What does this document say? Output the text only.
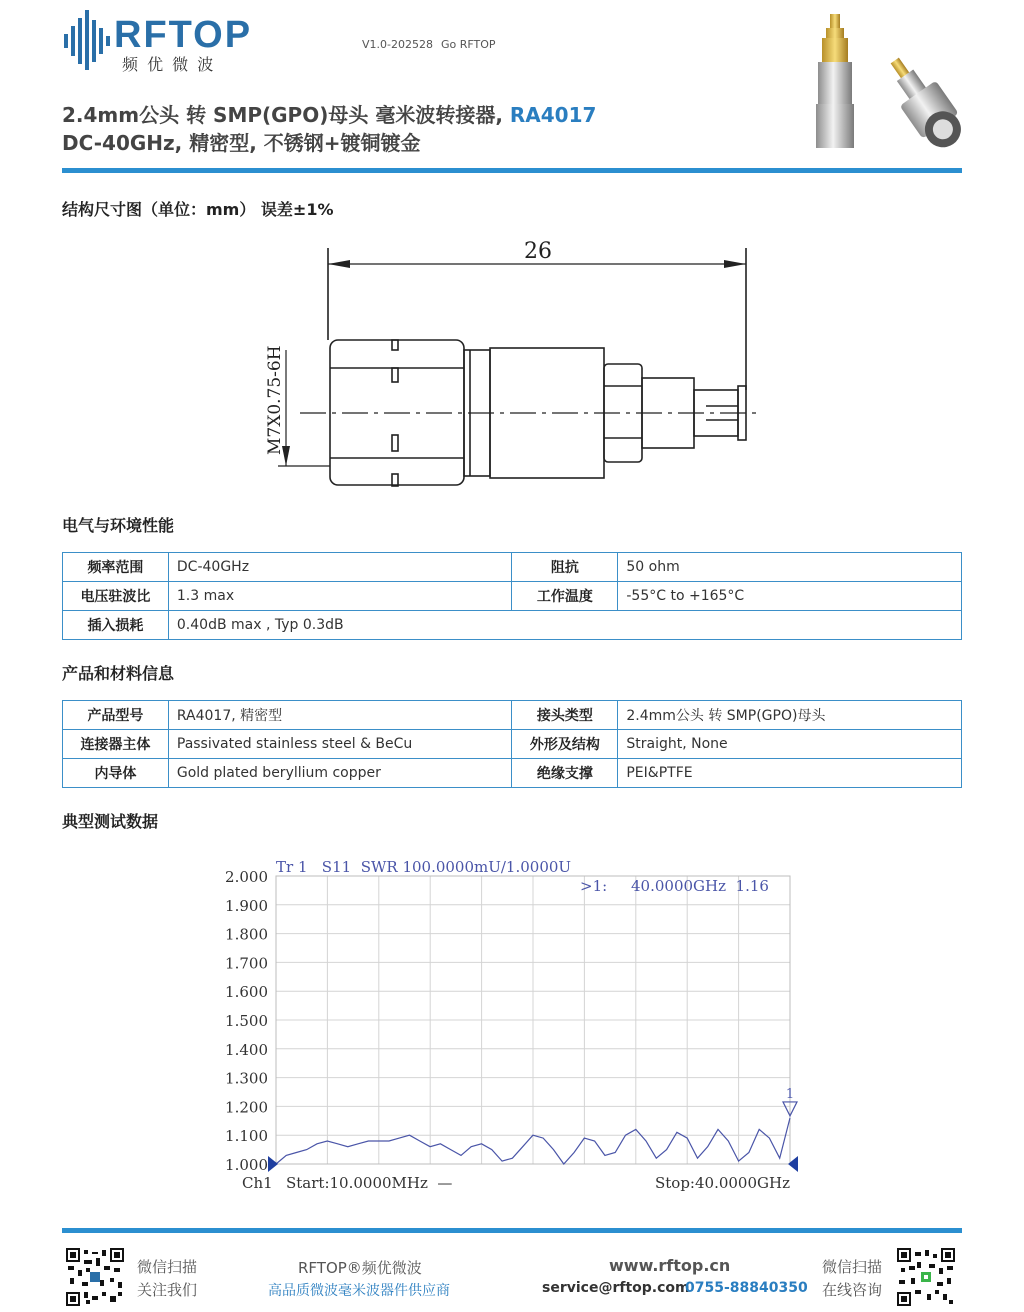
RFTOP
频 优 微 波
V1.0-202528 Go RFTOP
2.4mm公头 转 SMP(GPO)母头 毫米波转接器, RA4017
DC-40GHz, 精密型, 不锈钢+镀铜镀金
结构尺寸图（单位：mm） 误差±1%
26
M7X0.75-6H
电气与环境性能
频率范围	DC-40GHz	阻抗	50 ohm
电压驻波比	1.3 max	工作温度	-55°C to +165°C
插入损耗	0.40dB max , Typ 0.3dB		
产品和材料信息
产品型号	RA4017, 精密型	接头类型	2.4mm公头 转 SMP(GPO)母头
连接器主体	Passivated stainless steel & BeCu	外形及结构	Straight, None
内导体	Gold plated beryllium copper	绝缘支撑	PEI&PTFE
典型测试数据
2.000
1.900
1.800
1.700
1.600
1.500
1.400
1.300
1.200
1.100
1.000
Tr 1   S11  SWR 100.0000mU/1.0000U
>1:     40.0000GHz  1.16
1
Ch1 Start:10.0000MHz  —	Stop:40.0000GHz
微信扫描
关注我们
RFTOP®频优微波
高品质微波毫米波器件供应商
www.rftop.cn
service@rftop.com
0755-88840350
微信扫描
在线咨询
